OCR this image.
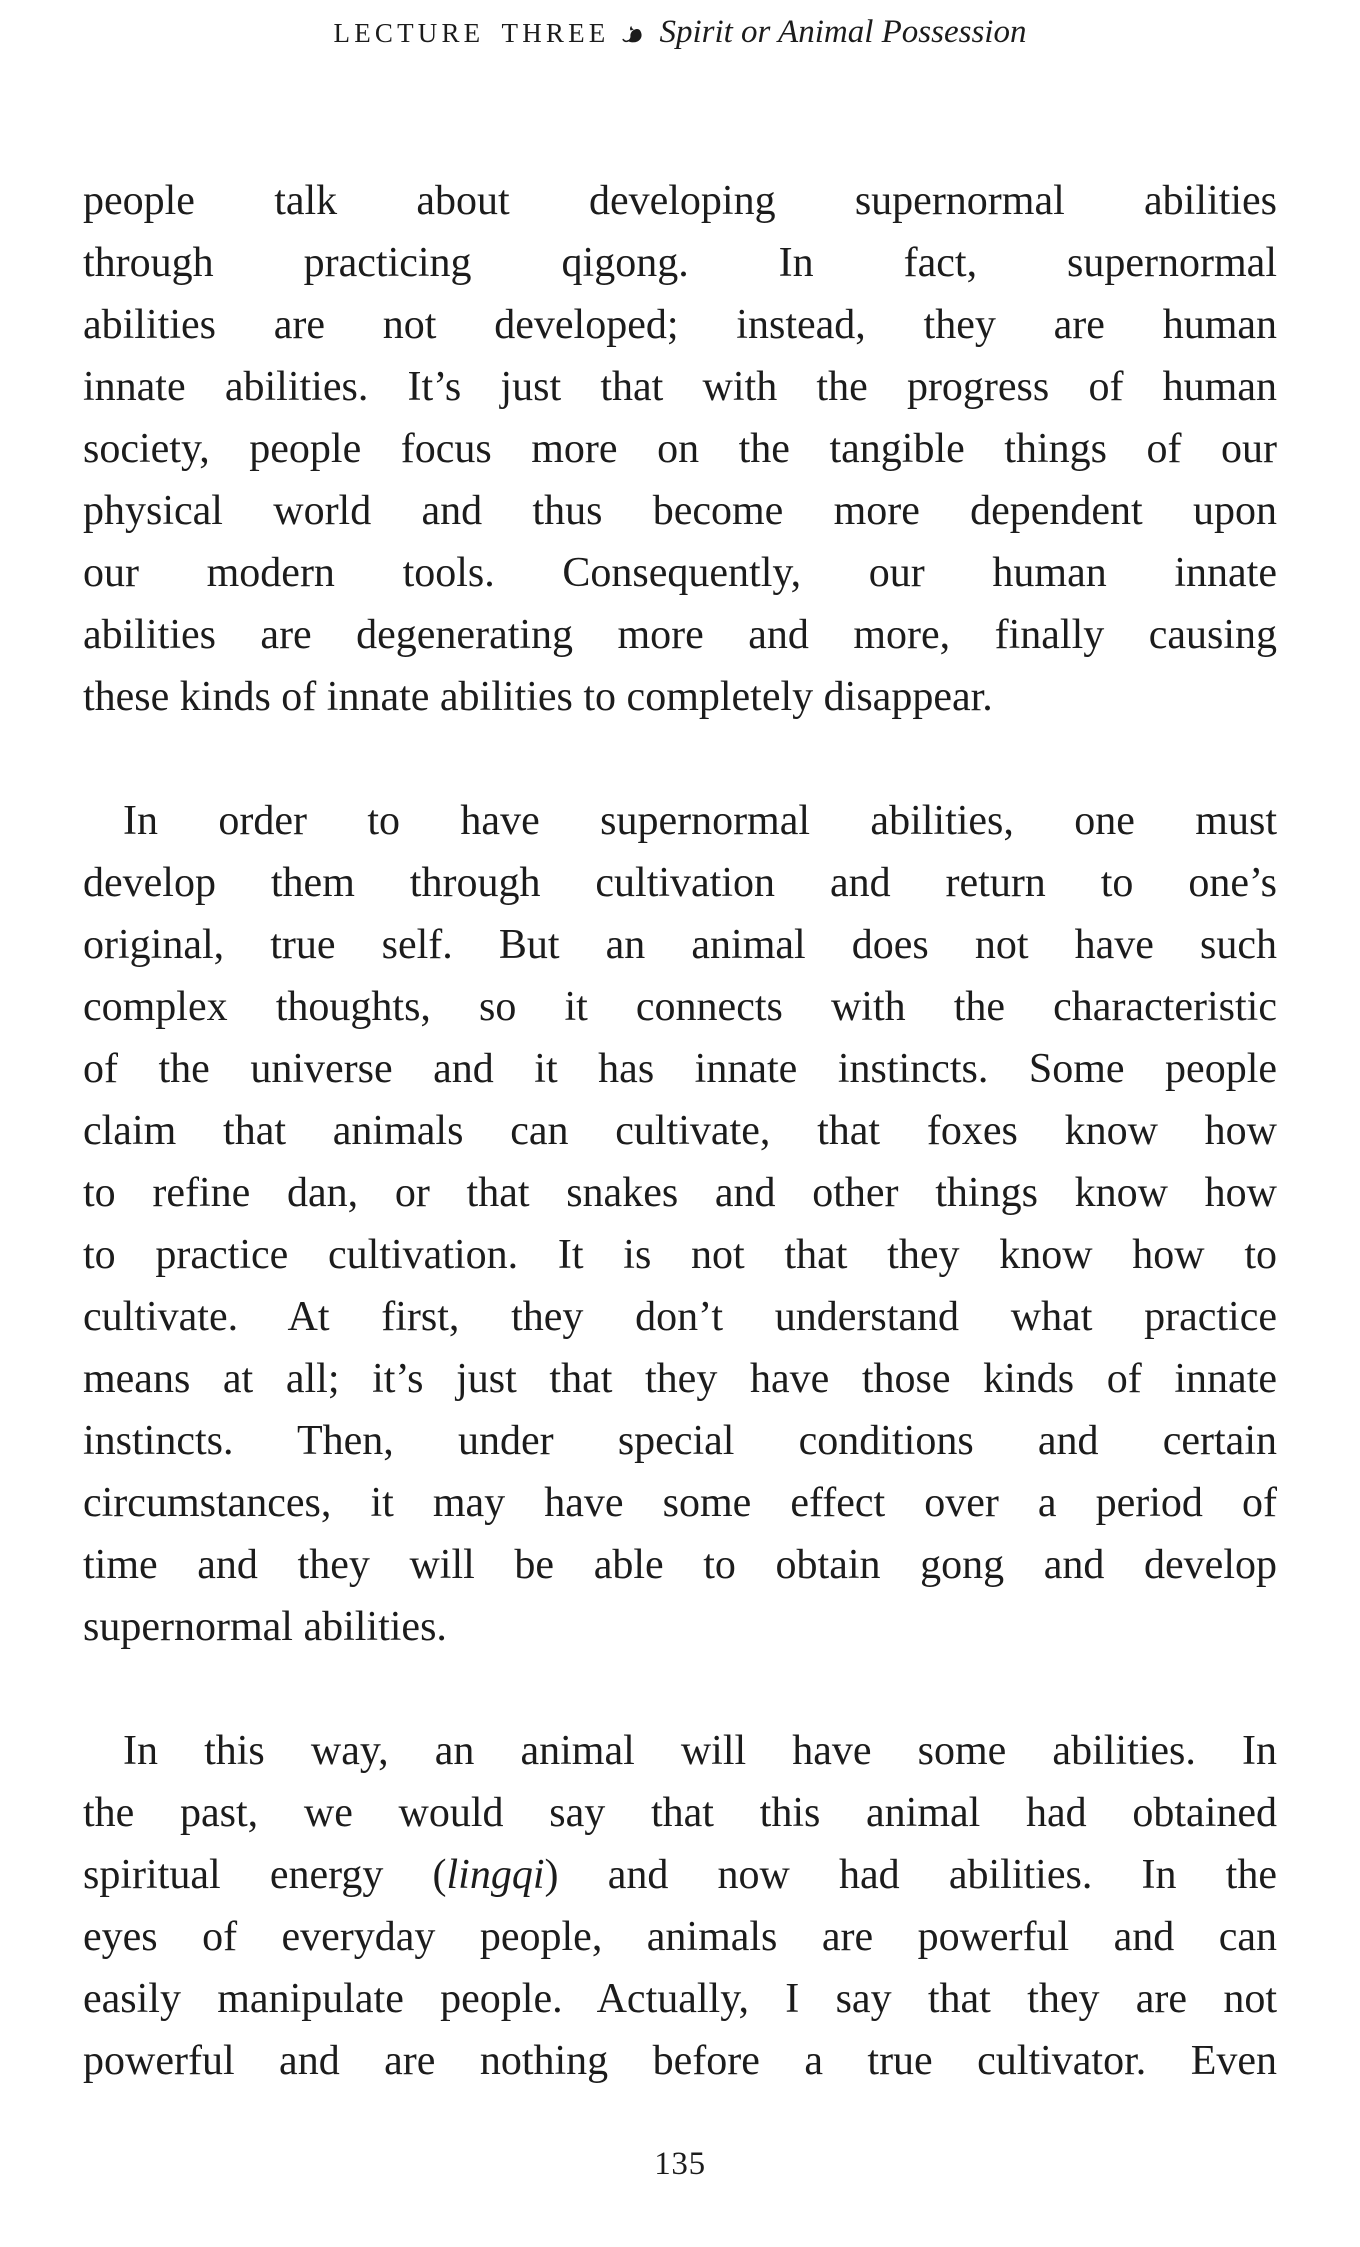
LECTURE THREE Spirit or Animal Possession
people talk about developing supernormal abilities
through practicing qigong. In fact, supernormal
abilities are not developed; instead, they are human
innate abilities. It’s just that with the progress of human
society, people focus more on the tangible things of our
physical world and thus become more dependent upon
our modern tools. Consequently, our human innate
abilities are degenerating more and more, finally causing
these kinds of innate abilities to completely disappear.
In order to have supernormal abilities, one must
develop them through cultivation and return to one’s
original, true self. But an animal does not have such
complex thoughts, so it connects with the characteristic
of the universe and it has innate instincts. Some people
claim that animals can cultivate, that foxes know how
to refine dan, or that snakes and other things know how
to practice cultivation. It is not that they know how to
cultivate. At first, they don’t understand what practice
means at all; it’s just that they have those kinds of innate
instincts. Then, under special conditions and certain
circumstances, it may have some effect over a period of
time and they will be able to obtain gong and develop
supernormal abilities.
In this way, an animal will have some abilities. In
the past, we would say that this animal had obtained
spiritual energy (lingqi) and now had abilities. In the
eyes of everyday people, animals are powerful and can
easily manipulate people. Actually, I say that they are not
powerful and are nothing before a true cultivator. Even
135
